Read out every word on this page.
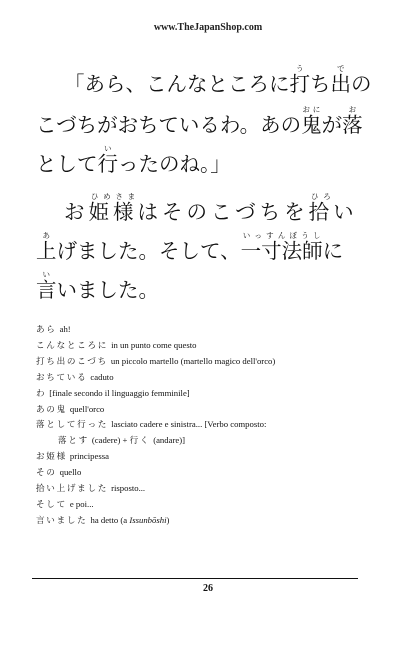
www.TheJapanShop.com
「あら、こんなところに打うち出での
こづちがおちているわ。あの鬼おにが落お
として行いったのね。」
お姫様ひめさまはそのこづちを拾ひろい
上あげました。そして、一寸法師いっすんぼうしに
言いいました。
あら ah!
こんなところに in un punto come questo
打ち出のこづち un piccolo martello (martello magico dell'orco)
おちている caduto
わ [finale secondo il linguaggio femminile]
あの鬼 quell'orco
落として行った lasciato cadere e sinistra... [Verbo composto:
落とす (cadere) + 行く (andare)]
お姫様 principessa
その quello
拾い上げました risposto...
そして e poi...
言いました ha detto (a Issunbōshi)
26
